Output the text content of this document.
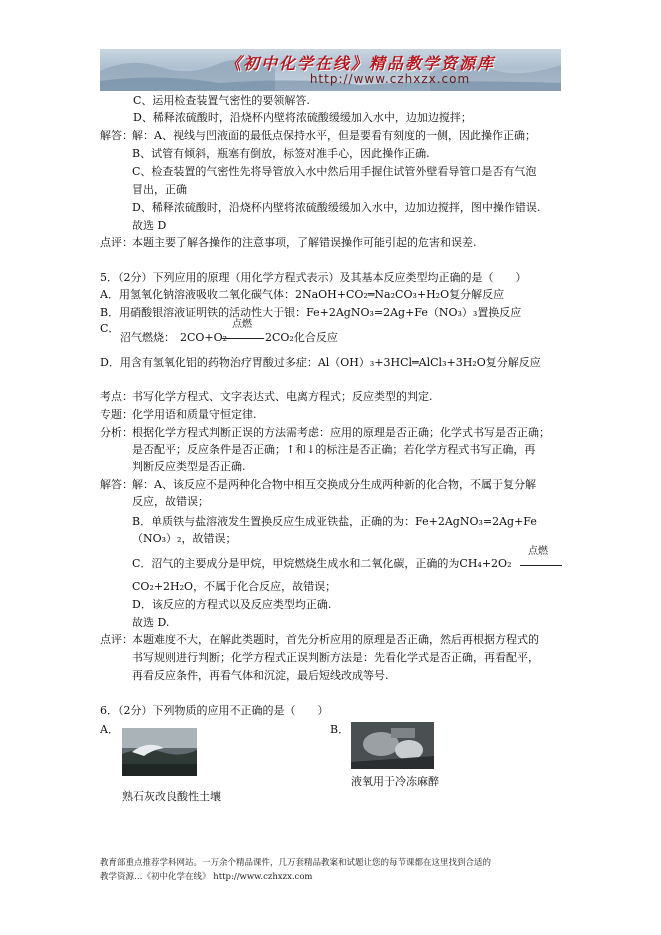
《初中化学在线》精品教学资源库
http://www.czhxzx.com
C、运用检查装置气密性的要领解答.
D、稀释浓硫酸时，沿烧杯内壁将浓硫酸缓缓加入水中，边加边搅拌；
解答： 解：A、视线与凹液面的最低点保持水平，但是要看有刻度的一侧，因此操作正确；
B、试管有倾斜，瓶塞有倒放，标签对准手心，因此操作正确.
C、检查装置的气密性先将导管放入水中然后用手握住试管外壁看导管口是否有气泡
冒出，正确
D、稀释浓硫酸时，沿烧杯内壁将浓硫酸缓缓加入水中，边加边搅拌，图中操作错误.
故选 D
点评： 本题主要了解各操作的注意事项，了解错误操作可能引起的危害和误差.
5．（2分）下列应用的原理（用化学方程式表示）及其基本反应类型均正确的是（　　）
A．用氢氧化钠溶液吸收二氧化碳气体：2NaOH+CO₂═Na₂CO₃+H₂O复分解反应
B．用硝酸银溶液证明铁的活动性大于银：Fe+2AgNO₃=2Ag+Fe（NO₃）₃置换反应
C．
沼气燃烧： 2CO+O₂
点燃
2CO₂化合反应
D．用含有氢氧化铝的药物治疗胃酸过多症：Al（OH）₃+3HCl═AlCl₃+3H₂O复分解反应
考点： 书写化学方程式、文字表达式、电离方程式；反应类型的判定.
专题： 化学用语和质量守恒定律.
分析： 根据化学方程式判断正误的方法需考虑：应用的原理是否正确；化学式书写是否正确；
是否配平；反应条件是否正确；↑和↓的标注是否正确；若化学方程式书写正确，再
判断反应类型是否正确.
解答： 解：A、该反应不是两种化合物中相互交换成分生成两种新的化合物，不属于复分解
反应，故错误；
B．单质铁与盐溶液发生置换反应生成亚铁盐，正确的为：Fe+2AgNO₃=2Ag+Fe
（NO₃）₂，故错误；
C．沼气的主要成分是甲烷，甲烷燃烧生成水和二氧化碳，正确的为CH₄+2O₂
点燃
CO₂+2H₂O，不属于化合反应，故错误；
D．该反应的方程式以及反应类型均正确.
故选 D.
点评： 本题难度不大，在解此类题时，首先分析应用的原理是否正确，然后再根据方程式的
书写规则进行判断；化学方程式正误判断方法是：先看化学式是否正确，再看配平，
再看反应条件，再看气体和沉淀，最后短线改成等号.
6．（2分）下列物质的应用不正确的是（　　）
A．
熟石灰改良酸性土壤
B．
液氧用于冷冻麻醉
教育部重点推荐学科网站。一万余个精品课件，几万套精品教案和试题让您的每节课都在这里找到合适的
教学资源…《初中化学在线》 http://www.czhxzx.com
